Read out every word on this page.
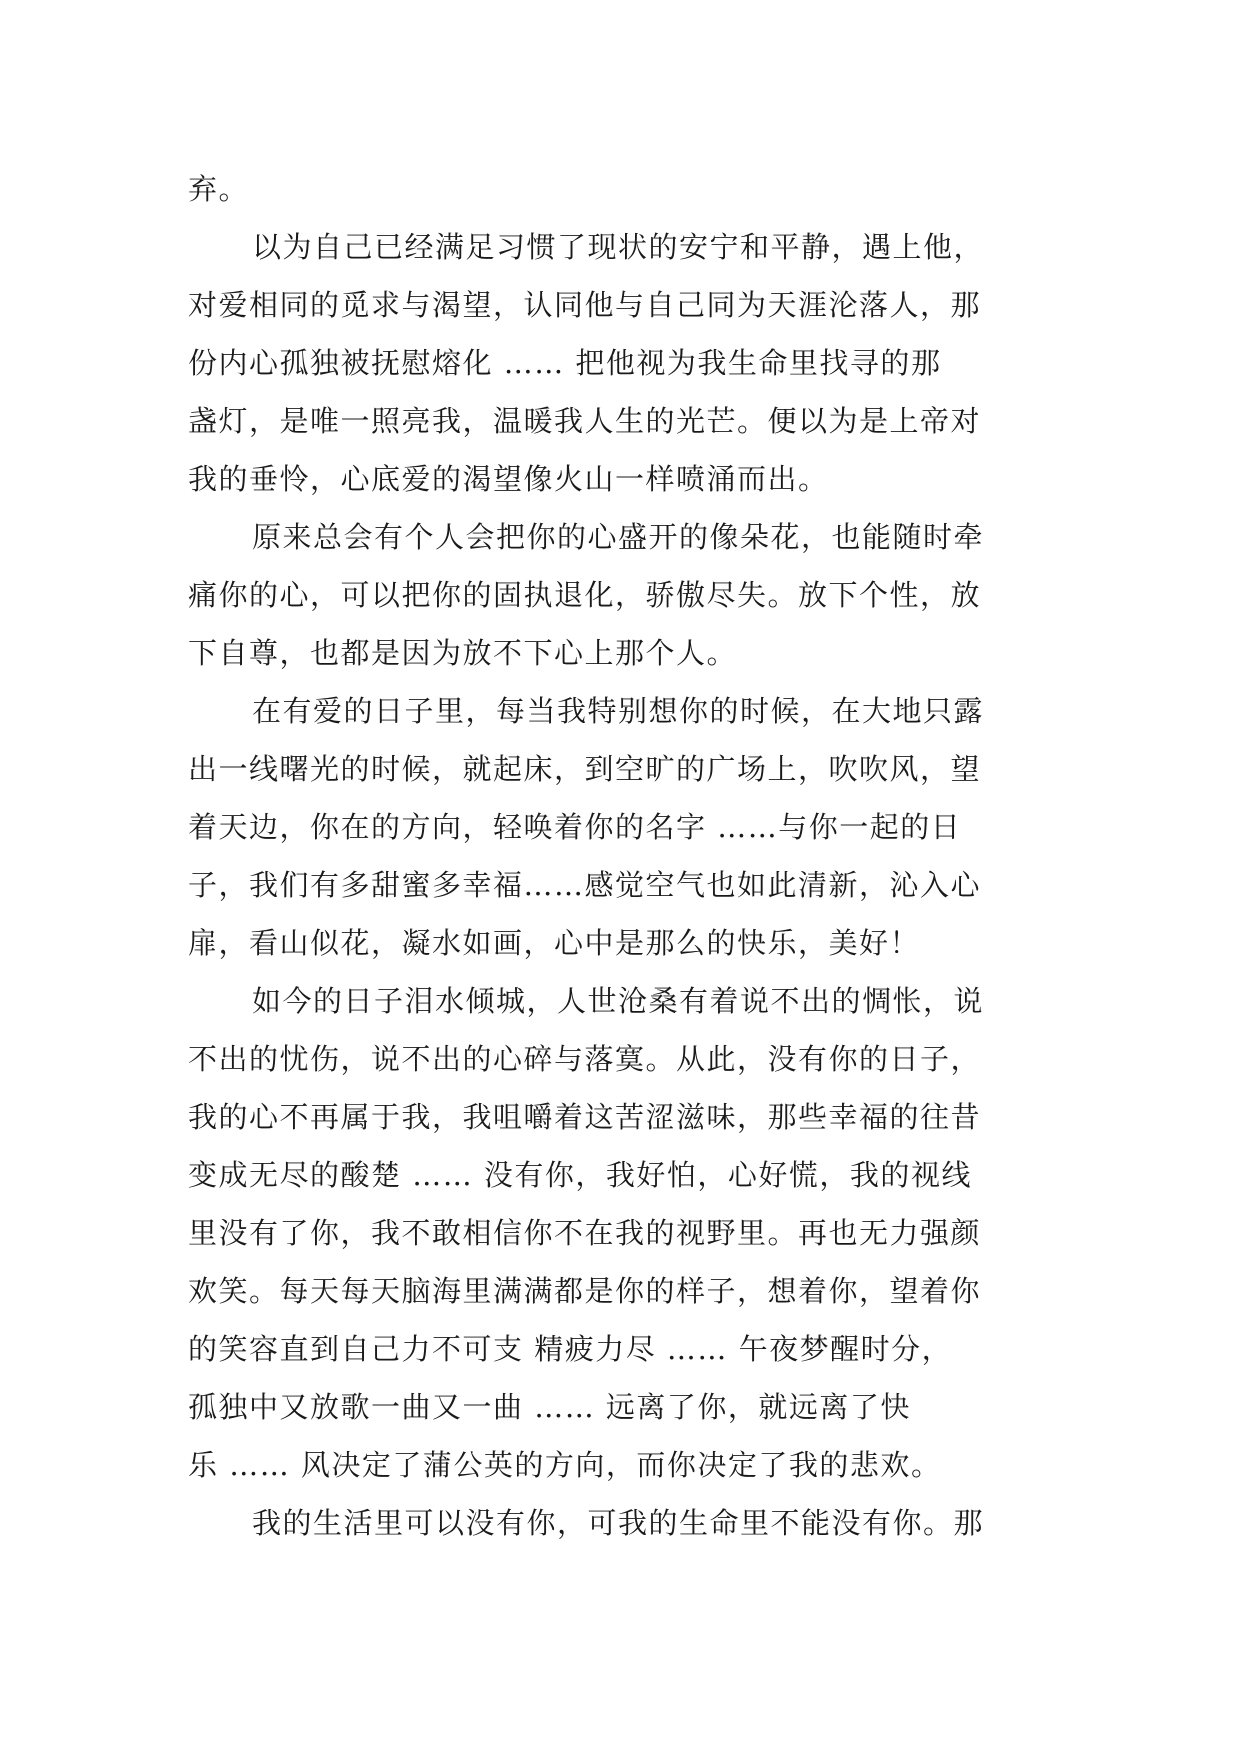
弃。
以为自己已经满足习惯了现状的安宁和平静，遇上他，
对爱相同的觅求与渴望，认同他与自己同为天涯沦落人，那
份内心孤独被抚慰熔化 …… 把他视为我生命里找寻的那
盏灯，是唯一照亮我，温暖我人生的光芒。便以为是上帝对
我的垂怜，心底爱的渴望像火山一样喷涌而出。
原来总会有个人会把你的心盛开的像朵花，也能随时牵
痛你的心，可以把你的固执退化，骄傲尽失。放下个性，放
下自尊，也都是因为放不下心上那个人。
在有爱的日子里，每当我特别想你的时候，在大地只露
出一线曙光的时候，就起床，到空旷的广场上，吹吹风，望
着天边，你在的方向，轻唤着你的名字 ……与你一起的日
子，我们有多甜蜜多幸福……感觉空气也如此清新，沁入心
扉，看山似花，凝水如画，心中是那么的快乐，美好！
如今的日子泪水倾城，人世沧桑有着说不出的惆怅，说
不出的忧伤，说不出的心碎与落寞。从此，没有你的日子，
我的心不再属于我，我咀嚼着这苦涩滋味，那些幸福的往昔
变成无尽的酸楚 …… 没有你，我好怕，心好慌，我的视线
里没有了你，我不敢相信你不在我的视野里。再也无力强颜
欢笑。每天每天脑海里满满都是你的样子，想着你，望着你
的笑容直到自己力不可支 精疲力尽 …… 午夜梦醒时分，
孤独中又放歌一曲又一曲 …… 远离了你，就远离了快
乐 …… 风决定了蒲公英的方向，而你决定了我的悲欢。
我的生活里可以没有你，可我的生命里不能没有你。那
